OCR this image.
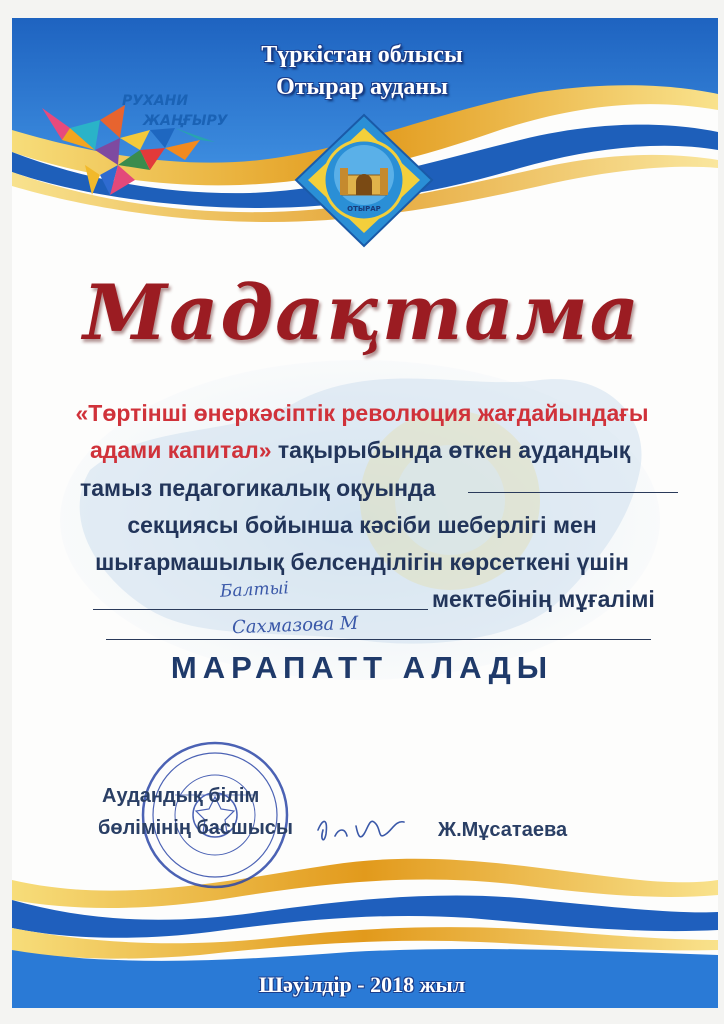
Түркістан облысы
Отырар ауданы
РУХАНИ
ЖАҢҒЫРУ
ОТЫРАР
Мадақтама
«Төртінші өнеркәсіптік революция жағдайындағы
адами капитал» тақырыбында өткен аудандық
тамыз педагогикалық оқуында
секциясы бойынша кәсіби шеберлігі мен
шығармашылық белсенділігін көрсеткені үшін
Балтыі	мектебінің мұғалімі
Сахмазова М
МАРАПАТТ АЛАДЫ
Аудандық білім
бөлімінің басшысы	Ж.Мұсатаева
Шәуілдір - 2018 жыл
